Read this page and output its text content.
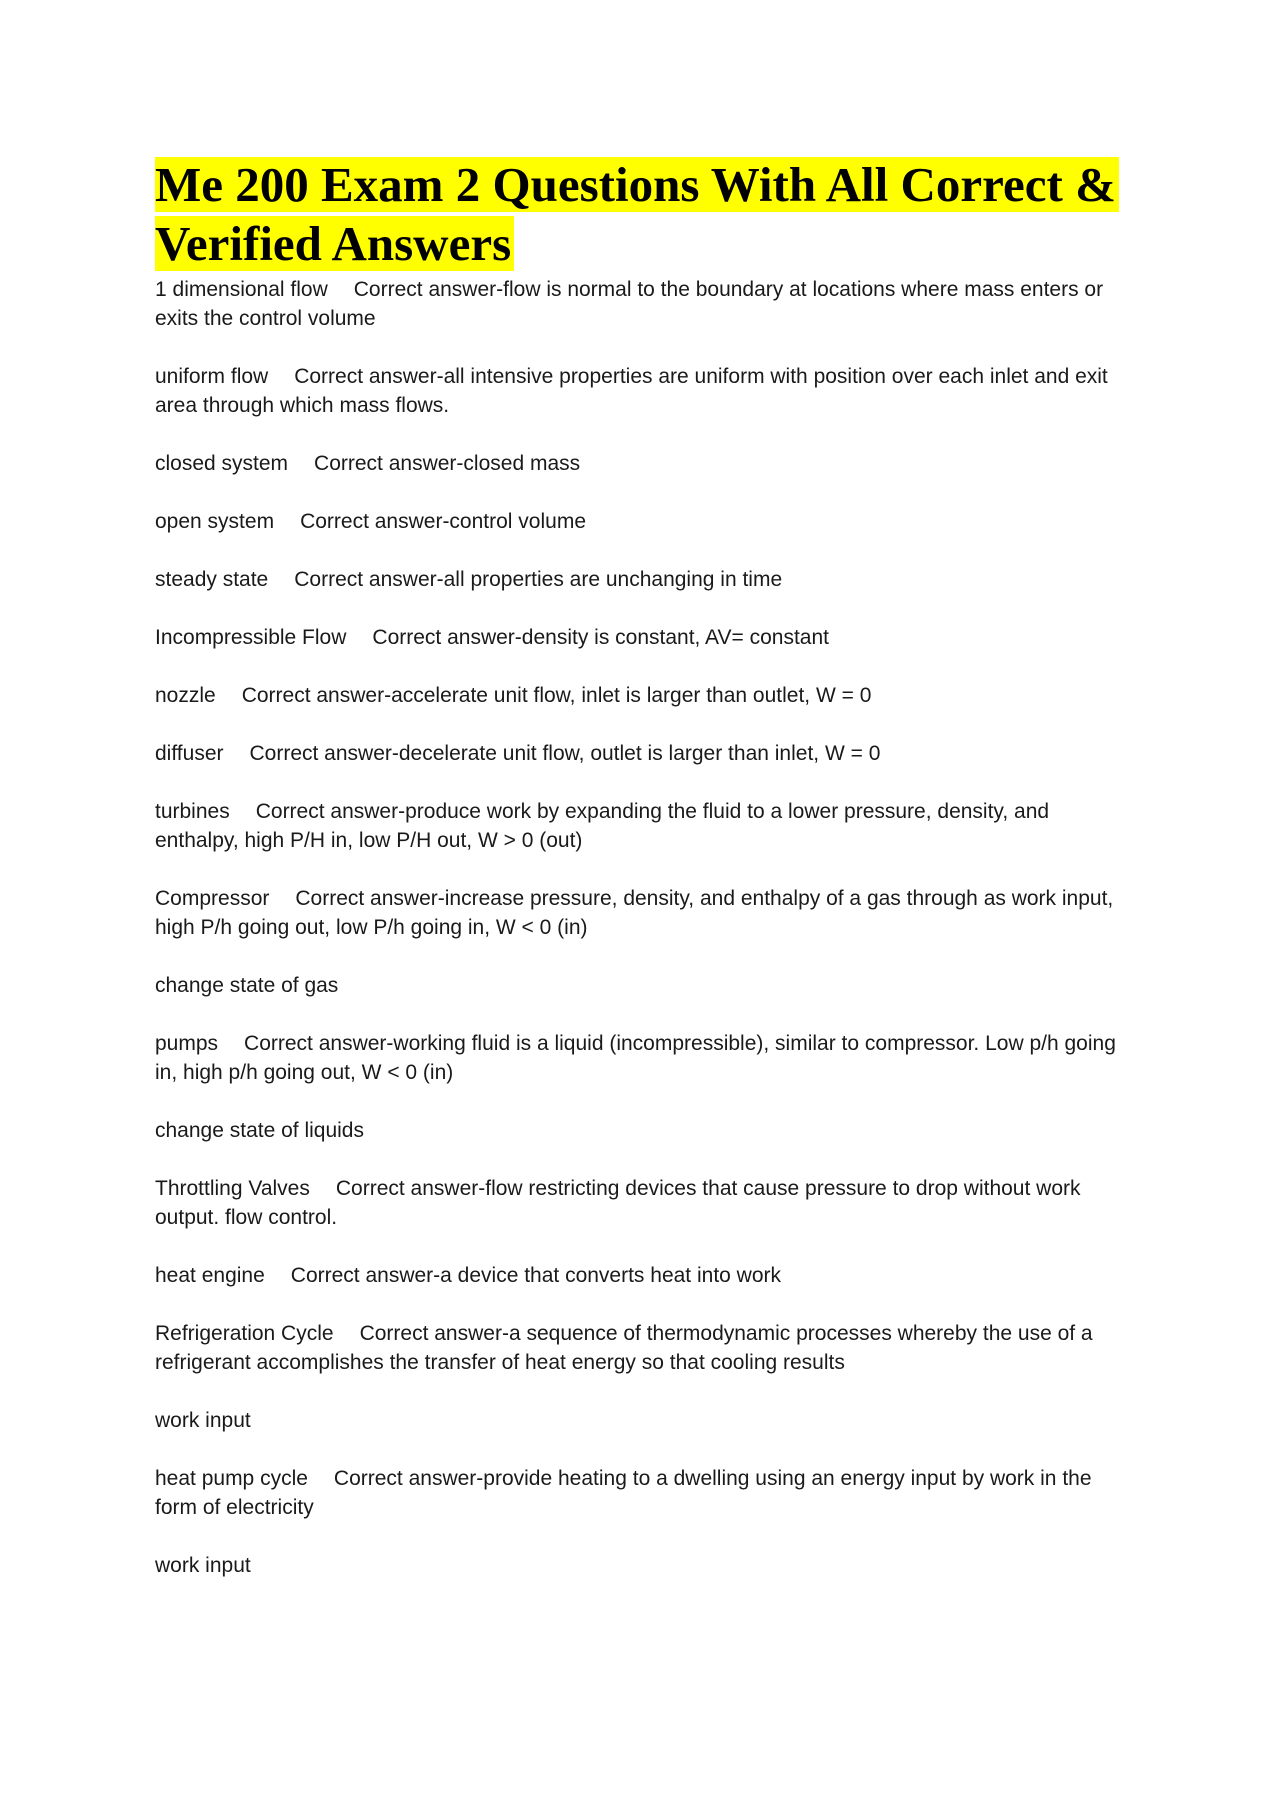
Me 200 Exam 2 Questions With All Correct & Verified Answers

1 dimensional flow Correct answer-flow is normal to the boundary at locations where mass enters or exits the control volume

uniform flow Correct answer-all intensive properties are uniform with position over each inlet and exit area through which mass flows.

closed system Correct answer-closed mass

open system Correct answer-control volume

steady state Correct answer-all properties are unchanging in time

Incompressible Flow Correct answer-density is constant, AV= constant

nozzle Correct answer-accelerate unit flow, inlet is larger than outlet, W = 0

diffuser Correct answer-decelerate unit flow, outlet is larger than inlet, W = 0

turbines Correct answer-produce work by expanding the fluid to a lower pressure, density, and enthalpy, high P/H in, low P/H out, W > 0 (out)

Compressor Correct answer-increase pressure, density, and enthalpy of a gas through as work input, high P/h going out, low P/h going in, W < 0 (in)

change state of gas

pumps Correct answer-working fluid is a liquid (incompressible), similar to compressor. Low p/h going in, high p/h going out, W < 0 (in)

change state of liquids

Throttling Valves Correct answer-flow restricting devices that cause pressure to drop without work output. flow control.

heat engine Correct answer-a device that converts heat into work

Refrigeration Cycle Correct answer-a sequence of thermodynamic processes whereby the use of a refrigerant accomplishes the transfer of heat energy so that cooling results

work input

heat pump cycle Correct answer-provide heating to a dwelling using an energy input by work in the form of electricity

work input
